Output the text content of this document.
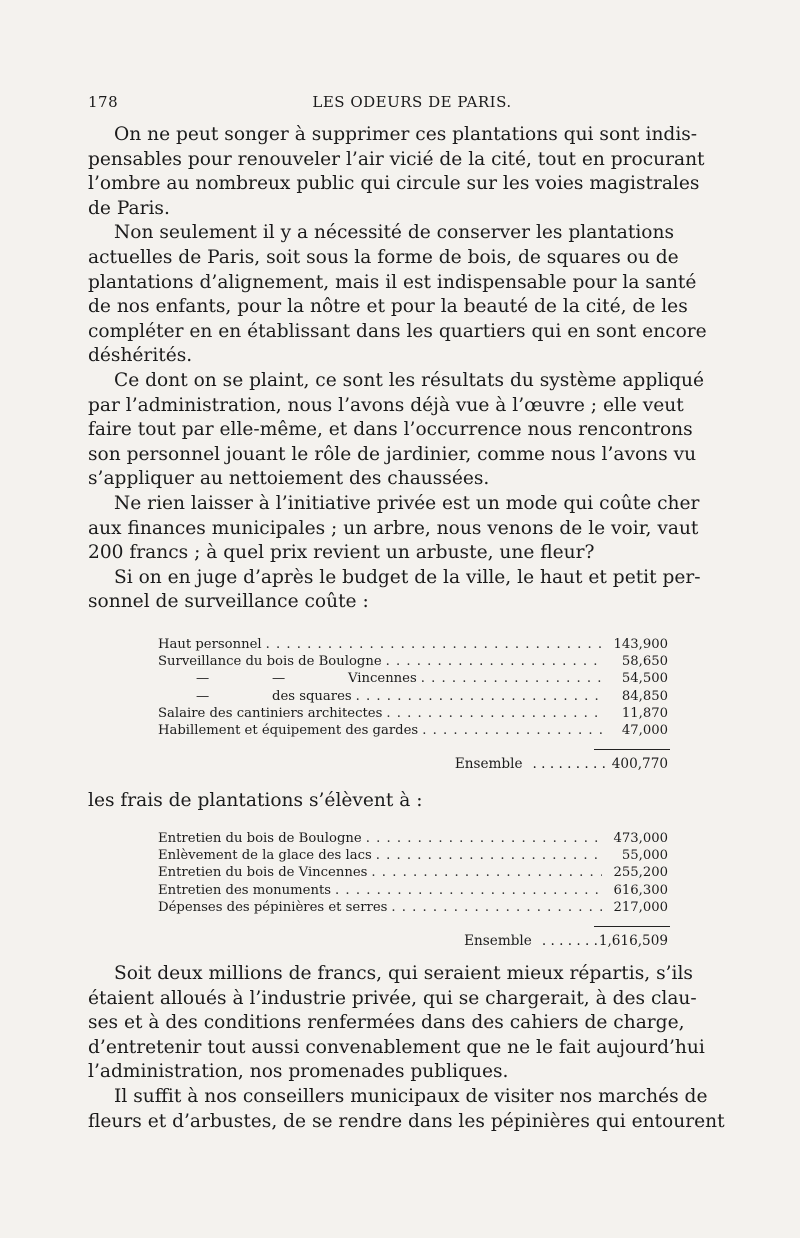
178	LES ODEURS DE PARIS.
On ne peut songer à supprimer ces plantations qui sont indis-
pensables pour renouveler l’air vicié de la cité, tout en procurant
l’ombre au nombreux public qui circule sur les voies magistrales
de Paris.
Non seulement il y a nécessité de conserver les plantations
actuelles de Paris, soit sous la forme de bois, de squares ou de
plantations d’alignement, mais il est indispensable pour la santé
de nos enfants, pour la nôtre et pour la beauté de la cité, de les
compléter en en établissant dans les quartiers qui en sont encore
déshérités.
Ce dont on se plaint, ce sont les résultats du système appliqué
par l’administration, nous l’avons déjà vue à l’œuvre ; elle veut
faire tout par elle-même, et dans l’occurrence nous rencontrons
son personnel jouant le rôle de jardinier, comme nous l’avons vu
s’appliquer au nettoiement des chaussées.
Ne rien laisser à l’initiative privée est un mode qui coûte cher
aux finances municipales ; un arbre, nous venons de le voir, vaut
200 francs ; à quel prix revient un arbuste, une fleur?
Si on en juge d’après le budget de la ville, le haut et petit per-
sonnel de surveillance coûte :
Haut personnel . . .	143,900
Surveillance du bois de Boulogne . . .	58,650
—	—	Vincennes . . .	54,500
—	des squares . . .	84,850
Salaire des cantiniers architectes . . .	11,870
Habillement et équipement des gardes . . .	47,000
Ensemble . . . . . . . . . 400,770
les frais de plantations s’élèvent à :
Entretien du bois de Boulogne . . .	473,000
Enlèvement de la glace des lacs . . .	55,000
Entretien du bois de Vincennes . . .	255,200
Entretien des monuments . . .	616,300
Dépenses des pépinières et serres . . .	217,000
Ensemble . . . . . . . 1,616,509
Soit deux millions de francs, qui seraient mieux répartis, s’ils
étaient alloués à l’industrie privée, qui se chargerait, à des clau-
ses et à des conditions renfermées dans des cahiers de charge,
d’entretenir tout aussi convenablement que ne le fait aujourd’hui
l’administration, nos promenades publiques.
Il suffit à nos conseillers municipaux de visiter nos marchés de
fleurs et d’arbustes, de se rendre dans les pépinières qui entourent
